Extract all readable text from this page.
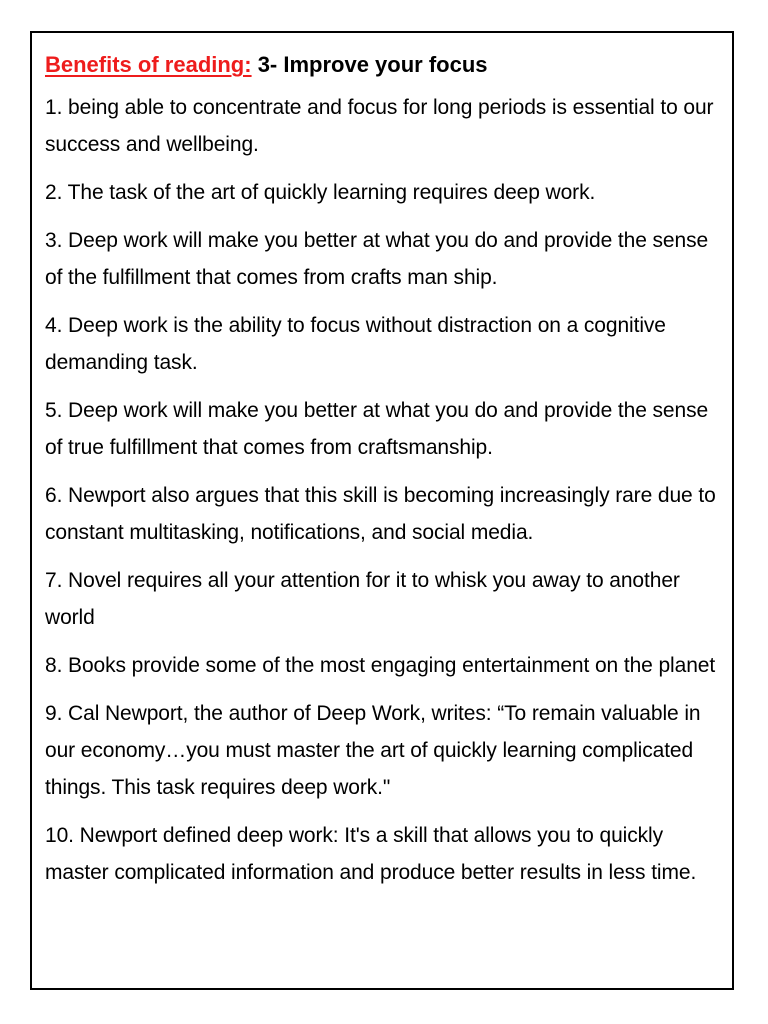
Benefits of reading: 3- Improve your focus
1. being able to concentrate and focus for long periods is essential to our success and wellbeing.
2. The task of the art of quickly learning requires deep work.
3. Deep work will make you better at what you do and provide the sense of the fulfillment that comes from crafts man ship.
4. Deep work is the ability to focus without distraction on a cognitive demanding task.
5. Deep work will make you better at what you do and provide the sense of true fulfillment that comes from craftsmanship.
6. Newport also argues that this skill is becoming increasingly rare due to constant multitasking, notifications, and social media.
7. Novel requires all your attention for it to whisk you away to another world
8. Books provide some of the most engaging entertainment on the planet
9. Cal Newport, the author of Deep Work, writes: “To remain valuable in our economy…you must master the art of quickly learning complicated things. This task requires deep work."
10. Newport defined deep work: It's a skill that allows you to quickly master complicated information and produce better results in less time.
